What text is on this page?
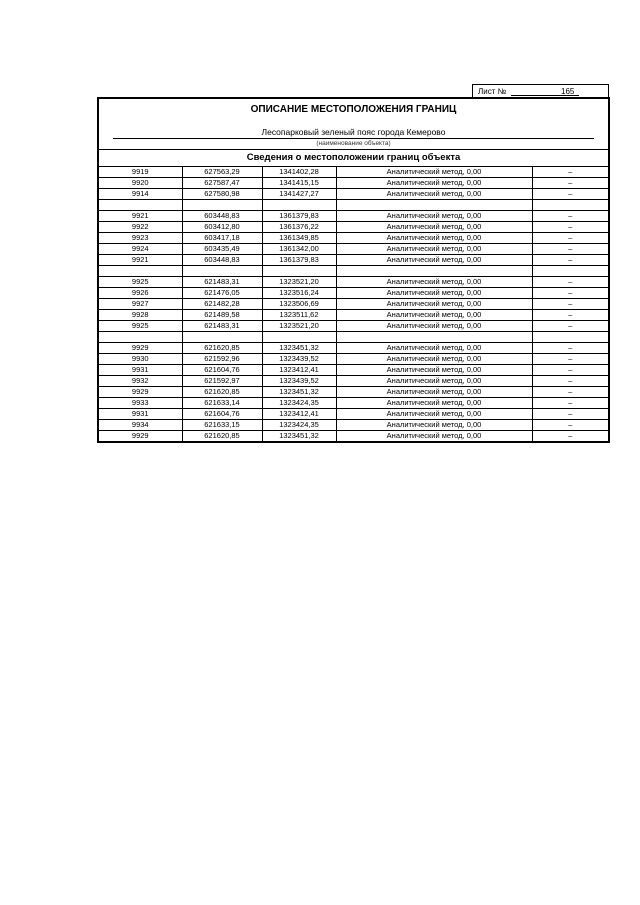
Лист №	165
ОПИСАНИЕ МЕСТОПОЛОЖЕНИЯ ГРАНИЦ
Лесопарковый зеленый пояс города Кемерово
(наименование объекта)
Сведения о местоположении границ объекта
9919	627563,29	1341402,28	Аналитический метод, 0,00	–
9920	627587,47	1341415,15	Аналитический метод, 0,00	–
9914	627580,98	1341427,27	Аналитический метод, 0,00	–

9921	603448,83	1361379,83	Аналитический метод, 0,00	–
9922	603412,80	1361376,22	Аналитический метод, 0,00	–
9923	603417,18	1361349,85	Аналитический метод, 0,00	–
9924	603435,49	1361342,00	Аналитический метод, 0,00	–
9921	603448,83	1361379,83	Аналитический метод, 0,00	–

9925	621483,31	1323521,20	Аналитический метод, 0,00	–
9926	621476,05	1323516,24	Аналитический метод, 0,00	–
9927	621482,28	1323506,69	Аналитический метод, 0,00	–
9928	621489,58	1323511,62	Аналитический метод, 0,00	–
9925	621483,31	1323521,20	Аналитический метод, 0,00	–

9929	621620,85	1323451,32	Аналитический метод, 0,00	–
9930	621592,96	1323439,52	Аналитический метод, 0,00	–
9931	621604,76	1323412,41	Аналитический метод, 0,00	–
9932	621592,97	1323439,52	Аналитический метод, 0,00	–
9929	621620,85	1323451,32	Аналитический метод, 0,00	–
9933	621633,14	1323424,35	Аналитический метод, 0,00	–
9931	621604,76	1323412,41	Аналитический метод, 0,00	–
9934	621633,15	1323424,35	Аналитический метод, 0,00	–
9929	621620,85	1323451,32	Аналитический метод, 0,00	–
